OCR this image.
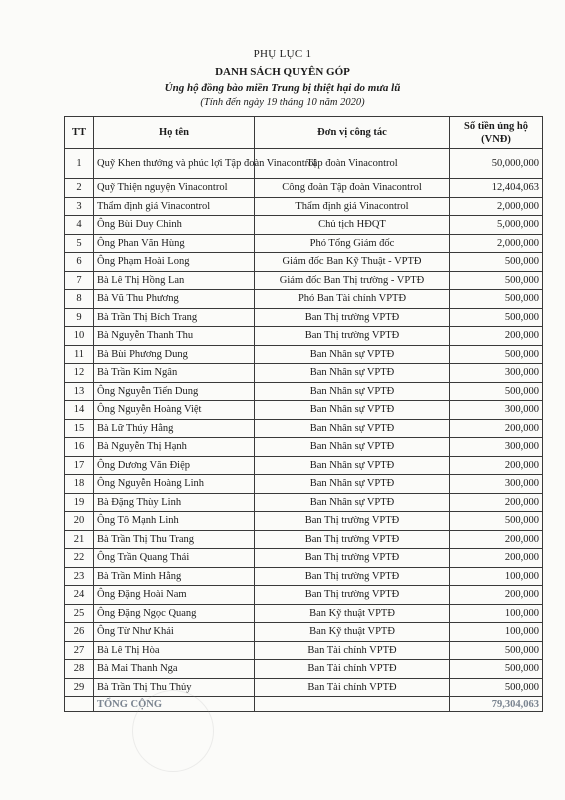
PHỤ LỤC 1
DANH SÁCH QUYÊN GÓP
Ủng hộ đồng bào miền Trung bị thiệt hại do mưa lũ
(Tính đến ngày 19 tháng 10 năm 2020)
TT	Họ tên	Đơn vị công tác	Số tiền ủng hộ (VNĐ)
1	Quỹ Khen thưởng và phúc lợi Tập đoàn Vinacontrol	Tập đoàn Vinacontrol	50,000,000
2	Quỹ Thiện nguyện Vinacontrol	Công đoàn Tập đoàn Vinacontrol	12,404,063
3	Thẩm định giá Vinacontrol	Thẩm định giá Vinacontrol	2,000,000
4	Ông Bùi Duy Chinh	Chủ tịch HĐQT	5,000,000
5	Ông Phan Văn Hùng	Phó Tổng Giám đốc	2,000,000
6	Ông Phạm Hoài Long	Giám đốc Ban Kỹ Thuật - VPTĐ	500,000
7	Bà Lê Thị Hồng Lan	Giám đốc Ban Thị trường - VPTĐ	500,000
8	Bà Vũ Thu Phương	Phó Ban Tài chính VPTĐ	500,000
9	Bà Trần Thị Bích Trang	Ban Thị trường VPTĐ	500,000
10	Bà Nguyễn Thanh Thu	Ban Thị trường VPTĐ	200,000
11	Bà Bùi Phương Dung	Ban Nhân sự VPTĐ	500,000
12	Bà Trần Kim Ngân	Ban Nhân sự VPTĐ	300,000
13	Ông Nguyễn Tiến Dung	Ban Nhân sự VPTĐ	500,000
14	Ông Nguyễn Hoàng Việt	Ban Nhân sự VPTĐ	300,000
15	Bà Lữ Thúy Hằng	Ban Nhân sự VPTĐ	200,000
16	Bà Nguyễn Thị Hạnh	Ban Nhân sự VPTĐ	300,000
17	Ông Dương Văn Điệp	Ban Nhân sự VPTĐ	200,000
18	Ông Nguyễn Hoàng Linh	Ban Nhân sự VPTĐ	300,000
19	Bà Đặng Thùy Linh	Ban Nhân sự VPTĐ	200,000
20	Ông Tô Mạnh Linh	Ban Thị trường VPTĐ	500,000
21	Bà Trần Thị Thu Trang	Ban Thị trường VPTĐ	200,000
22	Ông Trần Quang Thái	Ban Thị trường VPTĐ	200,000
23	Bà Trần Minh Hằng	Ban Thị trường VPTĐ	100,000
24	Ông Đặng Hoài Nam	Ban Thị trường VPTĐ	200,000
25	Ông Đặng Ngọc Quang	Ban Kỹ thuật VPTĐ	100,000
26	Ông Từ Như Khải	Ban Kỹ thuật VPTĐ	100,000
27	Bà Lê Thị Hòa	Ban Tài chính VPTĐ	500,000
28	Bà Mai Thanh Nga	Ban Tài chính VPTĐ	500,000
29	Bà Trần Thị Thu Thủy	Ban Tài chính VPTĐ	500,000
	TỔNG CỘNG		79,304,063
